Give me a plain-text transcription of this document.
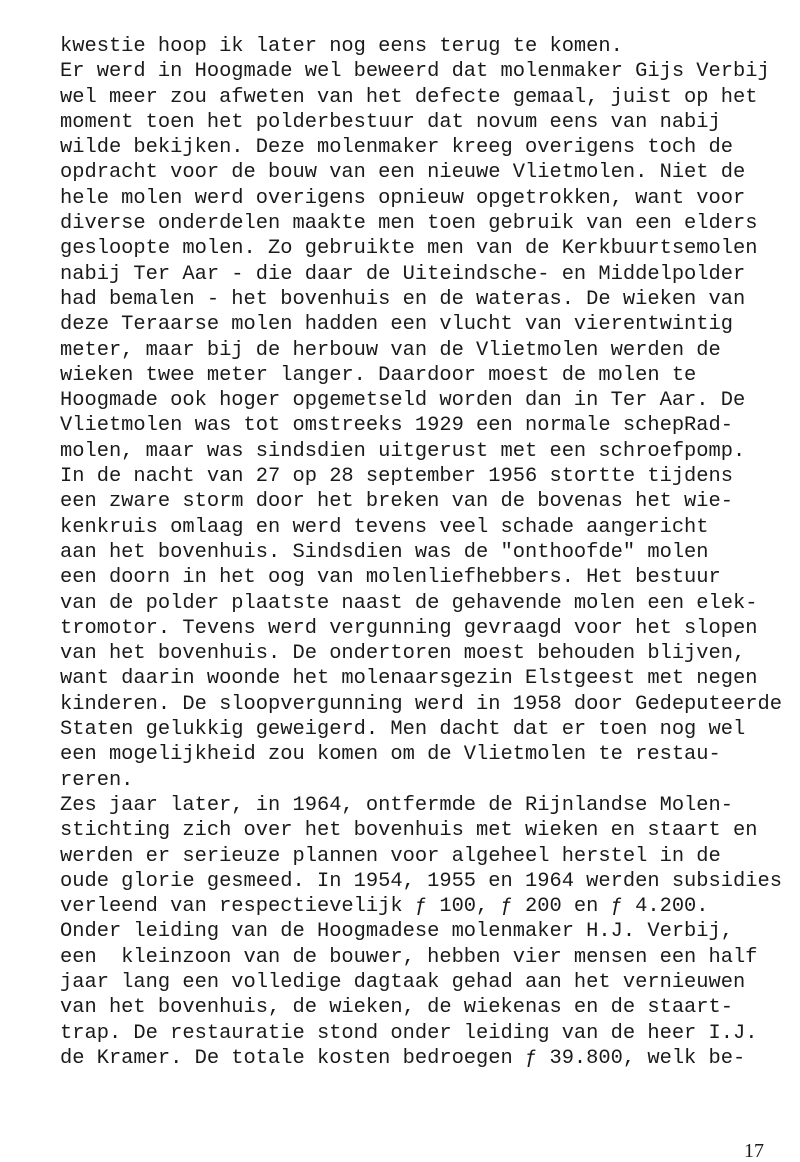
kwestie hoop ik later nog eens terug te komen.
Er werd in Hoogmade wel beweerd dat molenmaker Gijs Verbij
wel meer zou afweten van het defecte gemaal, juist op het
moment toen het polderbestuur dat novum eens van nabij
wilde bekijken. Deze molenmaker kreeg overigens toch de
opdracht voor de bouw van een nieuwe Vlietmolen. Niet de
hele molen werd overigens opnieuw opgetrokken, want voor
diverse onderdelen maakte men toen gebruik van een elders
gesloopte molen. Zo gebruikte men van de Kerkbuurtsemolen
nabij Ter Aar - die daar de Uiteindsche- en Middelpolder
had bemalen - het bovenhuis en de wateras. De wieken van
deze Teraarse molen hadden een vlucht van vierentwintig
meter, maar bij de herbouw van de Vlietmolen werden de
wieken twee meter langer. Daardoor moest de molen te
Hoogmade ook hoger opgemetseld worden dan in Ter Aar. De
Vlietmolen was tot omstreeks 1929 een normale schepRad-
molen, maar was sindsdien uitgerust met een schroefpomp.
In de nacht van 27 op 28 september 1956 stortte tijdens
een zware storm door het breken van de bovenas het wie-
kenkruis omlaag en werd tevens veel schade aangericht
aan het bovenhuis. Sindsdien was de "onthoofde" molen
een doorn in het oog van molenliefhebbers. Het bestuur
van de polder plaatste naast de gehavende molen een elek-
tromotor. Tevens werd vergunning gevraagd voor het slopen
van het bovenhuis. De ondertoren moest behouden blijven,
want daarin woonde het molenaarsgezin Elstgeest met negen
kinderen. De sloopvergunning werd in 1958 door Gedeputeerde
Staten gelukkig geweigerd. Men dacht dat er toen nog wel
een mogelijkheid zou komen om de Vlietmolen te restau-
reren.
Zes jaar later, in 1964, ontfermde de Rijnlandse Molen-
stichting zich over het bovenhuis met wieken en staart en
werden er serieuze plannen voor algeheel herstel in de
oude glorie gesmeed. In 1954, 1955 en 1964 werden subsidies
verleend van respectievelijk ƒ 100, ƒ 200 en ƒ 4.200.
Onder leiding van de Hoogmadese molenmaker H.J. Verbij,
een  kleinzoon van de bouwer, hebben vier mensen een half
jaar lang een volledige dagtaak gehad aan het vernieuwen
van het bovenhuis, de wieken, de wiekenas en de staart-
trap. De restauratie stond onder leiding van de heer I.J.
de Kramer. De totale kosten bedroegen ƒ 39.800, welk be-
17
